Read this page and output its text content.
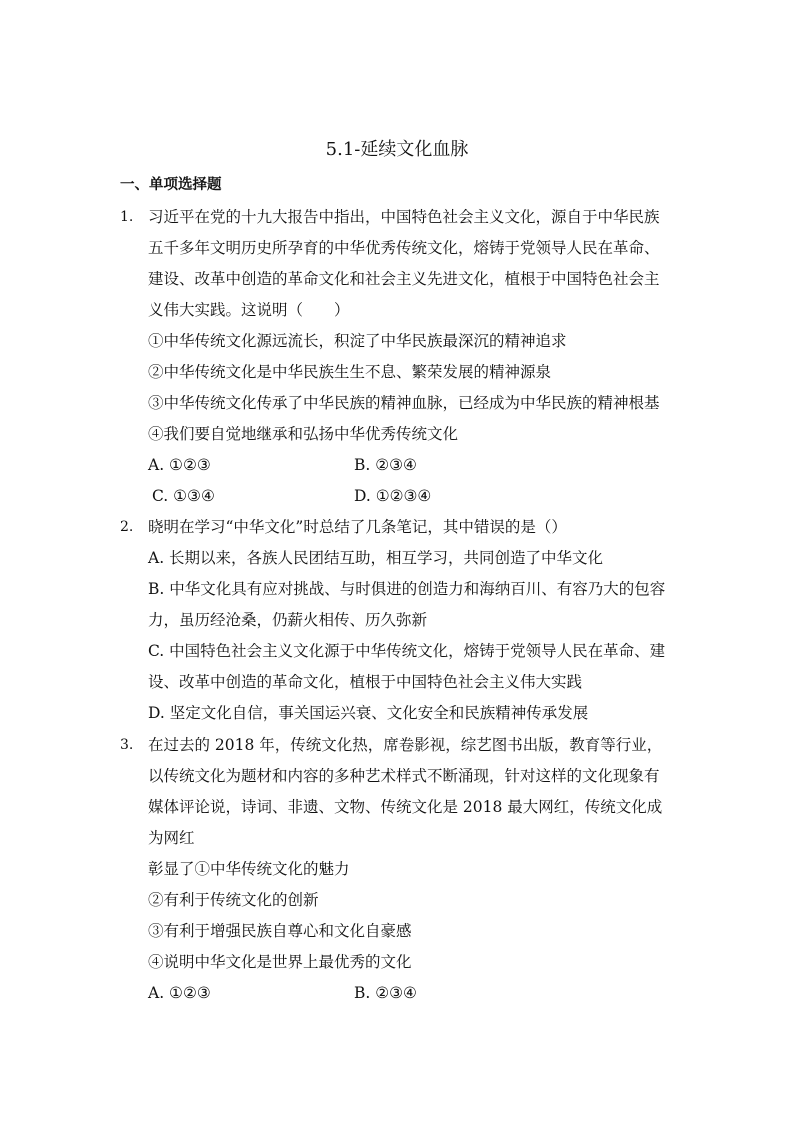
5.1-延续文化血脉
一、单项选择题
1. 习近平在党的十九大报告中指出，中国特色社会主义文化，源自于中华民族
五千多年文明历史所孕育的中华优秀传统文化，熔铸于党领导人民在革命、
建设、改革中创造的革命文化和社会主义先进文化，植根于中国特色社会主
义伟大实践。这说明（　　）
①中华传统文化源远流长，积淀了中华民族最深沉的精神追求
②中华传统文化是中华民族生生不息、繁荣发展的精神源泉
③中华传统文化传承了中华民族的精神血脉，已经成为中华民族的精神根基
④我们要自觉地继承和弘扬中华优秀传统文化
A. ①②③	B. ②③④
C. ①③④	D. ①②③④
2. 晓明在学习“中华文化”时总结了几条笔记，其中错误的是（）
A. 长期以来，各族人民团结互助，相互学习，共同创造了中华文化
B. 中华文化具有应对挑战、与时俱进的创造力和海纳百川、有容乃大的包容
力，虽历经沧桑，仍薪火相传、历久弥新
C. 中国特色社会主义文化源于中华传统文化，熔铸于党领导人民在革命、建
设、改革中创造的革命文化，植根于中国特色社会主义伟大实践
D. 坚定文化自信，事关国运兴衰、文化安全和民族精神传承发展
3. 在过去的 2018 年，传统文化热，席卷影视，综艺图书出版，教育等行业，
以传统文化为题材和内容的多种艺术样式不断涌现，针对这样的文化现象有
媒体评论说，诗词、非遗、文物、传统文化是 2018 最大网红，传统文化成
为网红
彰显了①中华传统文化的魅力
②有利于传统文化的创新
③有利于增强民族自尊心和文化自豪感
④说明中华文化是世界上最优秀的文化
A. ①②③	B. ②③④
